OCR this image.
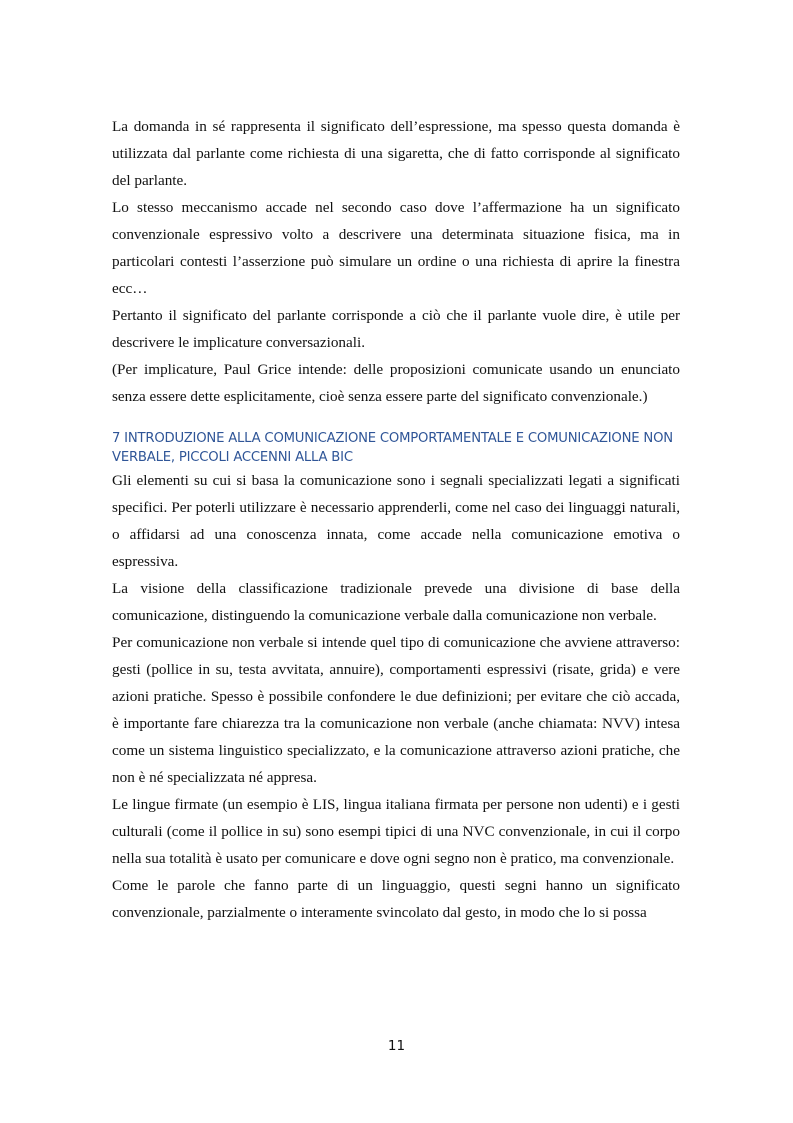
La domanda in sé rappresenta il significato dell’espressione, ma spesso questa domanda è utilizzata dal parlante come richiesta di una sigaretta, che di fatto corrisponde al significato del parlante.

Lo stesso meccanismo accade nel secondo caso dove l’affermazione ha un significato convenzionale espressivo volto a descrivere una determinata situazione fisica, ma in particolari contesti l’asserzione può simulare un ordine o una richiesta di aprire la finestra ecc…

Pertanto il significato del parlante corrisponde a ciò che il parlante vuole dire, è utile per descrivere le implicature conversazionali.

(Per implicature, Paul Grice intende: delle proposizioni comunicate usando un enunciato senza essere dette esplicitamente, cioè senza essere parte del significato convenzionale.)

7 INTRODUZIONE ALLA COMUNICAZIONE COMPORTAMENTALE E COMUNICAZIONE NON VERBALE, PICCOLI ACCENNI ALLA BIC

Gli elementi su cui si basa la comunicazione sono i segnali specializzati legati a significati specifici. Per poterli utilizzare è necessario apprenderli, come nel caso dei linguaggi naturali, o affidarsi ad una conoscenza innata, come accade nella comunicazione emotiva o espressiva.

La visione della classificazione tradizionale prevede una divisione di base della comunicazione, distinguendo la comunicazione verbale dalla comunicazione non verbale.

Per comunicazione non verbale si intende quel tipo di comunicazione che avviene attraverso: gesti (pollice in su, testa avvitata, annuire), comportamenti espressivi (risate, grida) e vere azioni pratiche. Spesso è possibile confondere le due definizioni; per evitare che ciò accada, è importante fare chiarezza tra la comunicazione non verbale (anche chiamata: NVV) intesa come un sistema linguistico specializzato, e la comunicazione attraverso azioni pratiche, che non è né specializzata né appresa.

Le lingue firmate (un esempio è LIS, lingua italiana firmata per persone non udenti) e i gesti culturali (come il pollice in su) sono esempi tipici di una NVC convenzionale, in cui il corpo nella sua totalità è usato per comunicare e dove ogni segno non è pratico, ma convenzionale.

Come le parole che fanno parte di un linguaggio, questi segni hanno un significato convenzionale, parzialmente o interamente svincolato dal gesto, in modo che lo si possa

11
